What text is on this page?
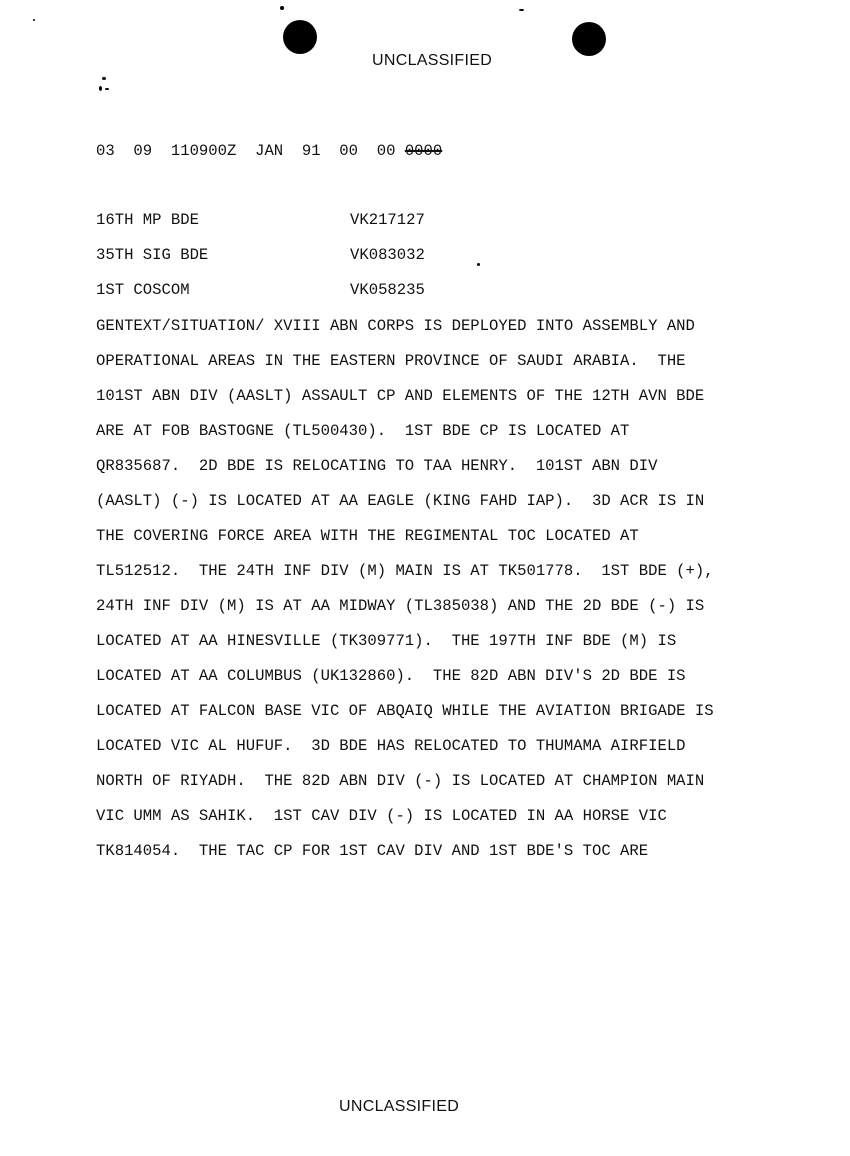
UNCLASSIFIED
03  09  110900Z  JAN  91  00  00 0000
16TH MP BDE	VK217127
35TH SIG BDE	VK083032
1ST COSCOM	VK058235
GENTEXT/SITUATION/ XVIII ABN CORPS IS DEPLOYED INTO ASSEMBLY AND
OPERATIONAL AREAS IN THE EASTERN PROVINCE OF SAUDI ARABIA.  THE
101ST ABN DIV (AASLT) ASSAULT CP AND ELEMENTS OF THE 12TH AVN BDE
ARE AT FOB BASTOGNE (TL500430).  1ST BDE CP IS LOCATED AT
QR835687.  2D BDE IS RELOCATING TO TAA HENRY.  101ST ABN DIV
(AASLT) (-) IS LOCATED AT AA EAGLE (KING FAHD IAP).  3D ACR IS IN
THE COVERING FORCE AREA WITH THE REGIMENTAL TOC LOCATED AT
TL512512.  THE 24TH INF DIV (M) MAIN IS AT TK501778.  1ST BDE (+),
24TH INF DIV (M) IS AT AA MIDWAY (TL385038) AND THE 2D BDE (-) IS
LOCATED AT AA HINESVILLE (TK309771).  THE 197TH INF BDE (M) IS
LOCATED AT AA COLUMBUS (UK132860).  THE 82D ABN DIV'S 2D BDE IS
LOCATED AT FALCON BASE VIC OF ABQAIQ WHILE THE AVIATION BRIGADE IS
LOCATED VIC AL HUFUF.  3D BDE HAS RELOCATED TO THUMAMA AIRFIELD
NORTH OF RIYADH.  THE 82D ABN DIV (-) IS LOCATED AT CHAMPION MAIN
VIC UMM AS SAHIK.  1ST CAV DIV (-) IS LOCATED IN AA HORSE VIC
TK814054.  THE TAC CP FOR 1ST CAV DIV AND 1ST BDE'S TOC ARE
UNCLASSIFIED
